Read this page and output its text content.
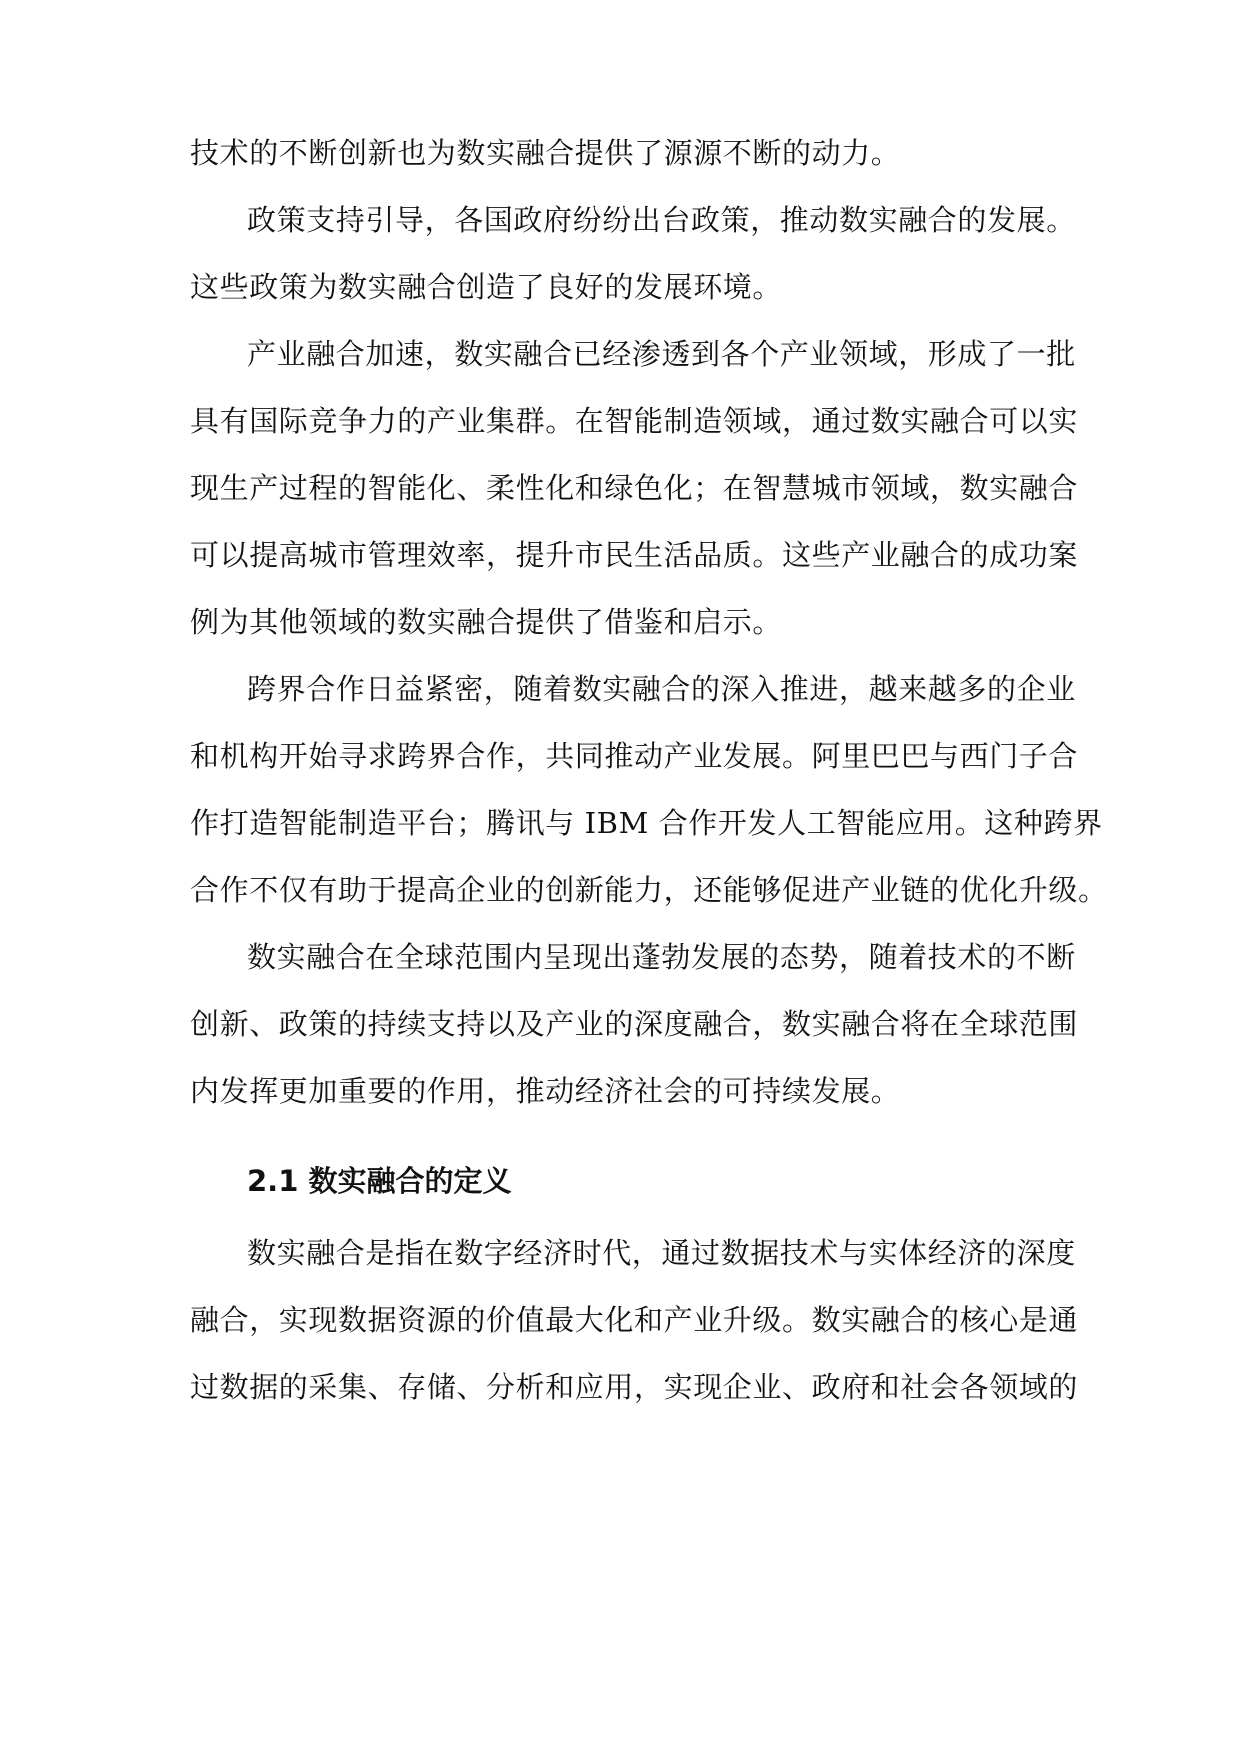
技术的不断创新也为数实融合提供了源源不断的动力。
政策支持引导，各国政府纷纷出台政策，推动数实融合的发展。
这些政策为数实融合创造了良好的发展环境。
产业融合加速，数实融合已经渗透到各个产业领域，形成了一批
具有国际竞争力的产业集群。在智能制造领域，通过数实融合可以实
现生产过程的智能化、柔性化和绿色化；在智慧城市领域，数实融合
可以提高城市管理效率，提升市民生活品质。这些产业融合的成功案
例为其他领域的数实融合提供了借鉴和启示。
跨界合作日益紧密，随着数实融合的深入推进，越来越多的企业
和机构开始寻求跨界合作，共同推动产业发展。阿里巴巴与西门子合
作打造智能制造平台；腾讯与 IBM 合作开发人工智能应用。这种跨界
合作不仅有助于提高企业的创新能力，还能够促进产业链的优化升级。
数实融合在全球范围内呈现出蓬勃发展的态势，随着技术的不断
创新、政策的持续支持以及产业的深度融合，数实融合将在全球范围
内发挥更加重要的作用，推动经济社会的可持续发展。
2.1 数实融合的定义
数实融合是指在数字经济时代，通过数据技术与实体经济的深度
融合，实现数据资源的价值最大化和产业升级。数实融合的核心是通
过数据的采集、存储、分析和应用，实现企业、政府和社会各领域的
